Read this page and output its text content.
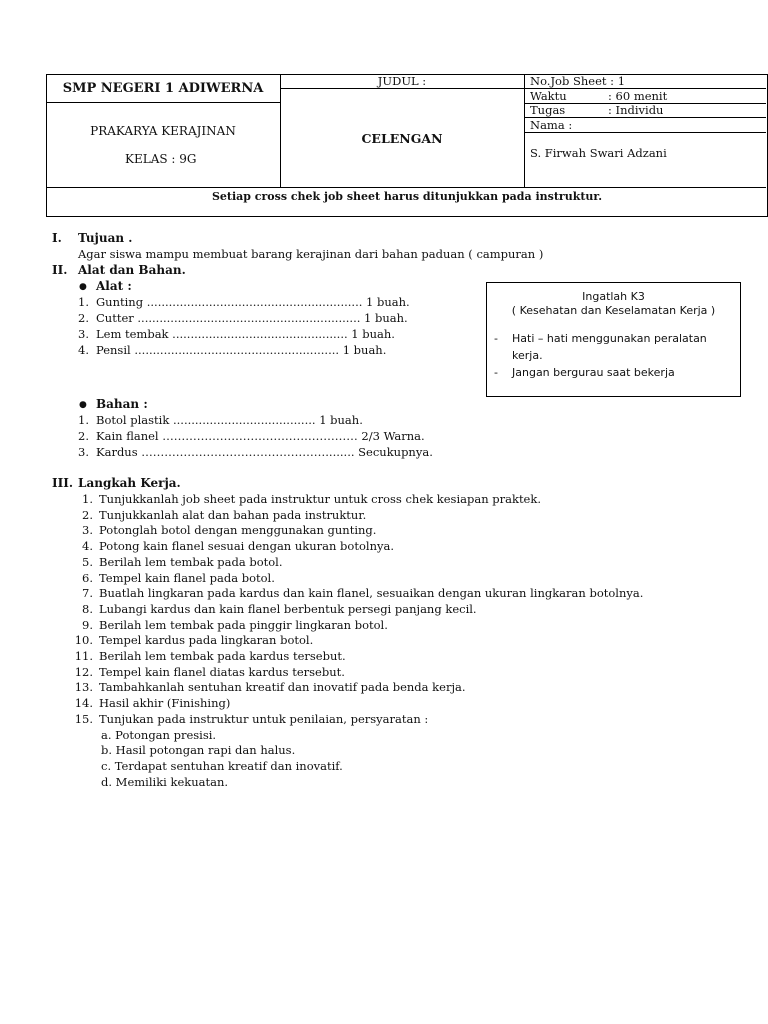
SMP NEGERI 1 ADIWERNA
PRAKARYA KERAJINAN
KELAS : 9G
JUDUL :
CELENGAN
No.Job Sheet : 1
Waktu	: 60 menit
Tugas	: Individu
Nama :
S. Firwah Swari Adzani
Setiap cross chek job sheet harus ditunjukkan pada instruktur.
I. Tujuan .
Agar siswa mampu membuat barang kerajinan dari bahan paduan ( campuran )
II. Alat dan Bahan.
● Alat :
1. Gunting ........................................................... 1 buah.
2. Cutter ............................................................. 1 buah.
3. Lem tembak ................................................ 1 buah.
4. Pensil ........................................................ 1 buah.
● Bahan :
1. Botol plastik ....................................... 1 buah.
2. Kain flanel …………………………………………… 2/3 Warna.
3. Kardus …………………………………………........ Secukupnya.
Ingatlah K3
( Kesehatan dan Keselamatan Kerja )
- Hati – hati menggunakan peralatan
kerja.
- Jangan bergurau saat bekerja
III. Langkah Kerja.
1. Tunjukkanlah job sheet pada instruktur untuk cross chek kesiapan praktek.
2. Tunjukkanlah alat dan bahan pada instruktur.
3. Potonglah botol dengan menggunakan gunting.
4. Potong kain flanel sesuai dengan ukuran botolnya.
5. Berilah lem tembak pada botol.
6. Tempel kain flanel pada botol.
7. Buatlah lingkaran pada kardus dan kain flanel, sesuaikan dengan ukuran lingkaran botolnya.
8. Lubangi kardus dan kain flanel berbentuk persegi panjang kecil.
9. Berilah lem tembak pada pinggir lingkaran botol.
10. Tempel kardus pada lingkaran botol.
11. Berilah lem tembak pada kardus tersebut.
12. Tempel kain flanel diatas kardus tersebut.
13. Tambahkanlah sentuhan kreatif dan inovatif pada benda kerja.
14. Hasil akhir (Finishing)
15. Tunjukan pada instruktur untuk penilaian, persyaratan :
a. Potongan presisi.
b. Hasil potongan rapi dan halus.
c. Terdapat sentuhan kreatif dan inovatif.
d. Memiliki kekuatan.
